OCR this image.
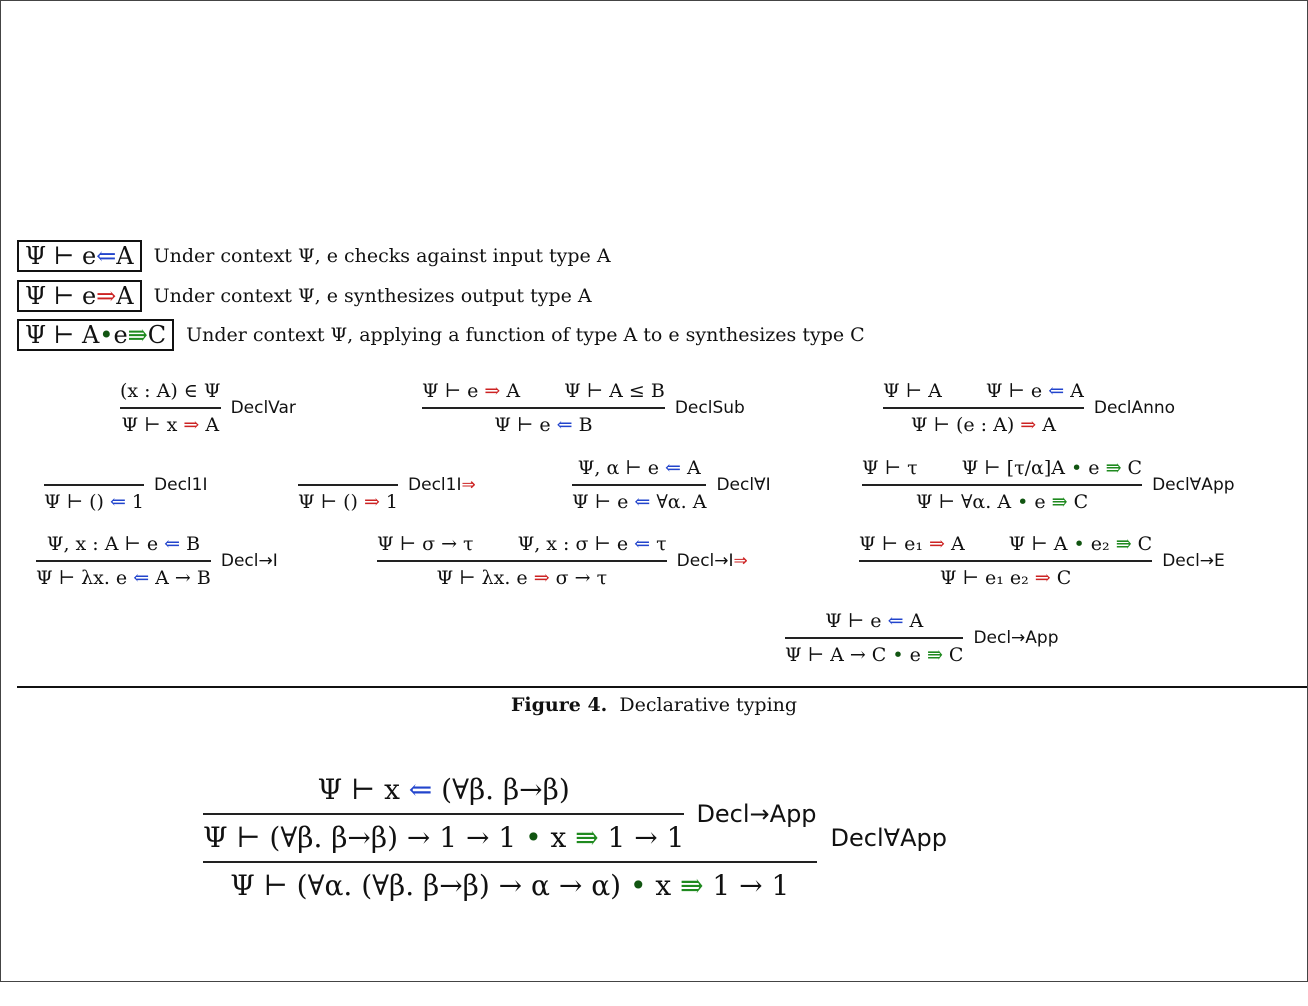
Ψ ⊢ e ⇐ A Under context Ψ, e checks against input type A
Ψ ⊢ e ⇒ A Under context Ψ, e synthesizes output type A
Ψ ⊢ A • e ⇛ C Under context Ψ, applying a function of type A to e synthesizes type C
$\frac{(x : A) \in \Psi}{\Psi ⊢ x \Rightarrow A}$ DeclVar	$\frac{\text{Ψ ⊢ e ⇒ A Ψ ⊢ A ≤ B}}{\Psi ⊢ e ⇐ B}$ DeclSub	$\frac{\text{Ψ ⊢ A Ψ ⊢ e ⇐ A}}{\Psi ⊢ (e : A) \Rightarrow A}$ DeclAnno

Ψ ⊢ () ⇐ 1
Decl1I

Ψ ⊢ () ⇒ 1
Decl1I⇒	$\frac{\Psi, \alpha ⊢ e ⇐ A}{\Psi ⊢ e ⇐ \forall\alpha. A}$ Decl∀I	$\frac{\text{Ψ ⊢ τ Ψ ⊢ [τ/α]A • e ⇛ C}}{\Psi ⊢ \forall\alpha. A • e ⇛ C}$ Decl∀App
$\frac{\Psi, x : A ⊢ e ⇐ B}{\Psi ⊢ \lambda x. e ⇐ A \to B}$ Decl→I	$\frac{\text{Ψ ⊢ σ → τ Ψ, x : σ ⊢ e ⇐ τ}}{\Psi ⊢ \lambda x. e \Rightarrow \sigma \to \tau}$ Decl→I⇒	$\frac{\text{Ψ ⊢ e₁ ⇒ A Ψ ⊢ A • e₂ ⇛ C}}{\text{Ψ ⊢ e₁ e₂ ⇒ C}}$ Decl→E
$\frac{\Psi ⊢ e ⇐ A}{\Psi ⊢ A \to C • e ⇛ C}$ Decl→App
Figure 4. Declarative typing
Ψ ⊢ x ⇐ (∀β. β→β)
Ψ ⊢ (∀β. β→β) → 1 → 1 • x ⇛ 1 → 1
Decl→App
Ψ ⊢ (∀α. (∀β. β→β) → α → α) • x ⇛ 1 → 1
Decl∀App
